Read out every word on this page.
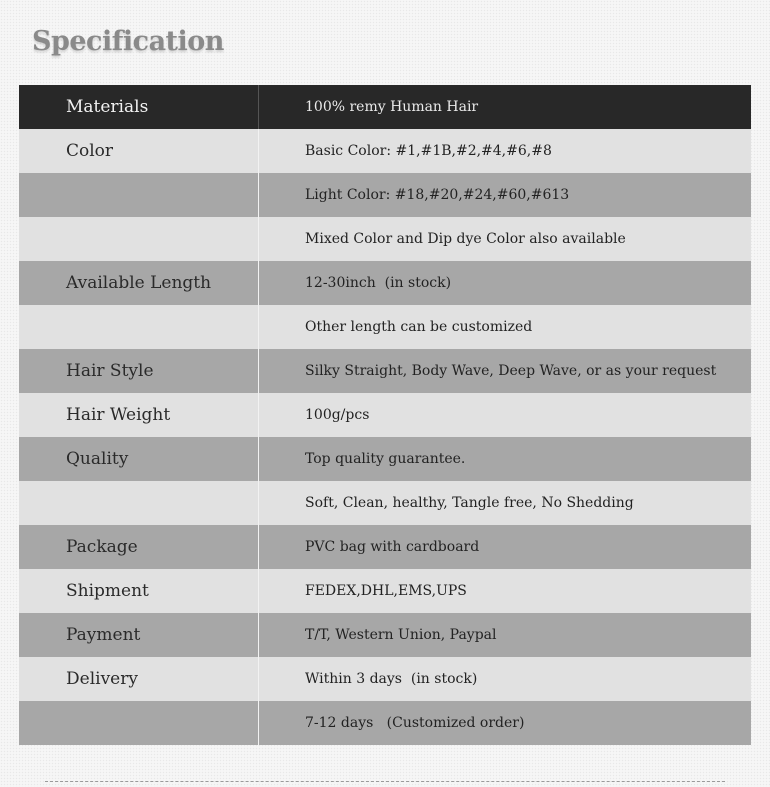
Specification
Materials	100% remy Human Hair
Color	Basic Color: #1,#1B,#2,#4,#6,#8
Light Color: #18,#20,#24,#60,#613
Mixed Color and Dip dye Color also available
Available Length	12-30inch  (in stock)
Other length can be customized
Hair Style	Silky Straight, Body Wave, Deep Wave, or as your request
Hair Weight	100g/pcs
Quality	Top quality guarantee.
Soft, Clean, healthy, Tangle free, No Shedding
Package	PVC bag with cardboard
Shipment	FEDEX,DHL,EMS,UPS
Payment	T/T, Western Union, Paypal
Delivery	Within 3 days  (in stock)
7-12 days   (Customized order)
